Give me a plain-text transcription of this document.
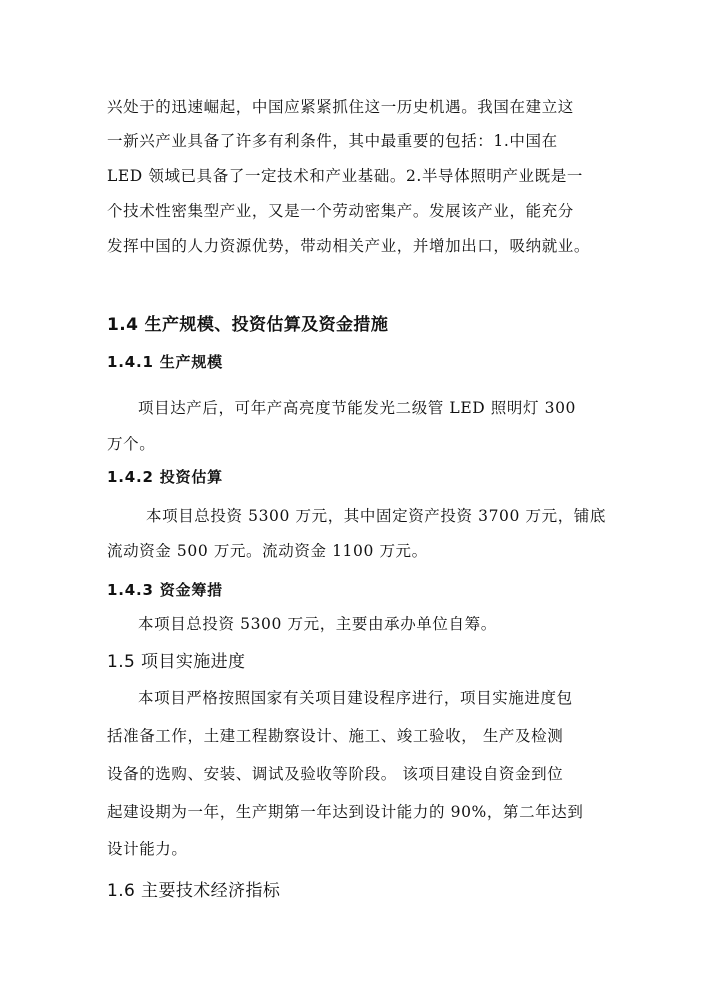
兴处于的迅速崛起，中国应紧紧抓住这一历史机遇。我国在建立这
一新兴产业具备了许多有利条件，其中最重要的包括：1.中国在
LED 领域已具备了一定技术和产业基础。2.半导体照明产业既是一
个技术性密集型产业，又是一个劳动密集产。发展该产业，能充分
发挥中国的人力资源优势，带动相关产业，并增加出口，吸纳就业。
1.4 生产规模、投资估算及资金措施
1.4.1 生产规模
项目达产后，可年产高亮度节能发光二级管 LED 照明灯 300
万个。
1.4.2 投资估算
本项目总投资 5300 万元，其中固定资产投资 3700 万元，铺底
流动资金 500 万元。流动资金 1100 万元。
1.4.3 资金筹措
本项目总投资 5300 万元，主要由承办单位自筹。
1.5 项目实施进度
本项目严格按照国家有关项目建设程序进行，项目实施进度包
括准备工作，土建工程勘察设计、施工、竣工验收， 生产及检测
设备的选购、安装、调试及验收等阶段。 该项目建设自资金到位
起建设期为一年，生产期第一年达到设计能力的 90%，第二年达到
设计能力。
1.6 主要技术经济指标
